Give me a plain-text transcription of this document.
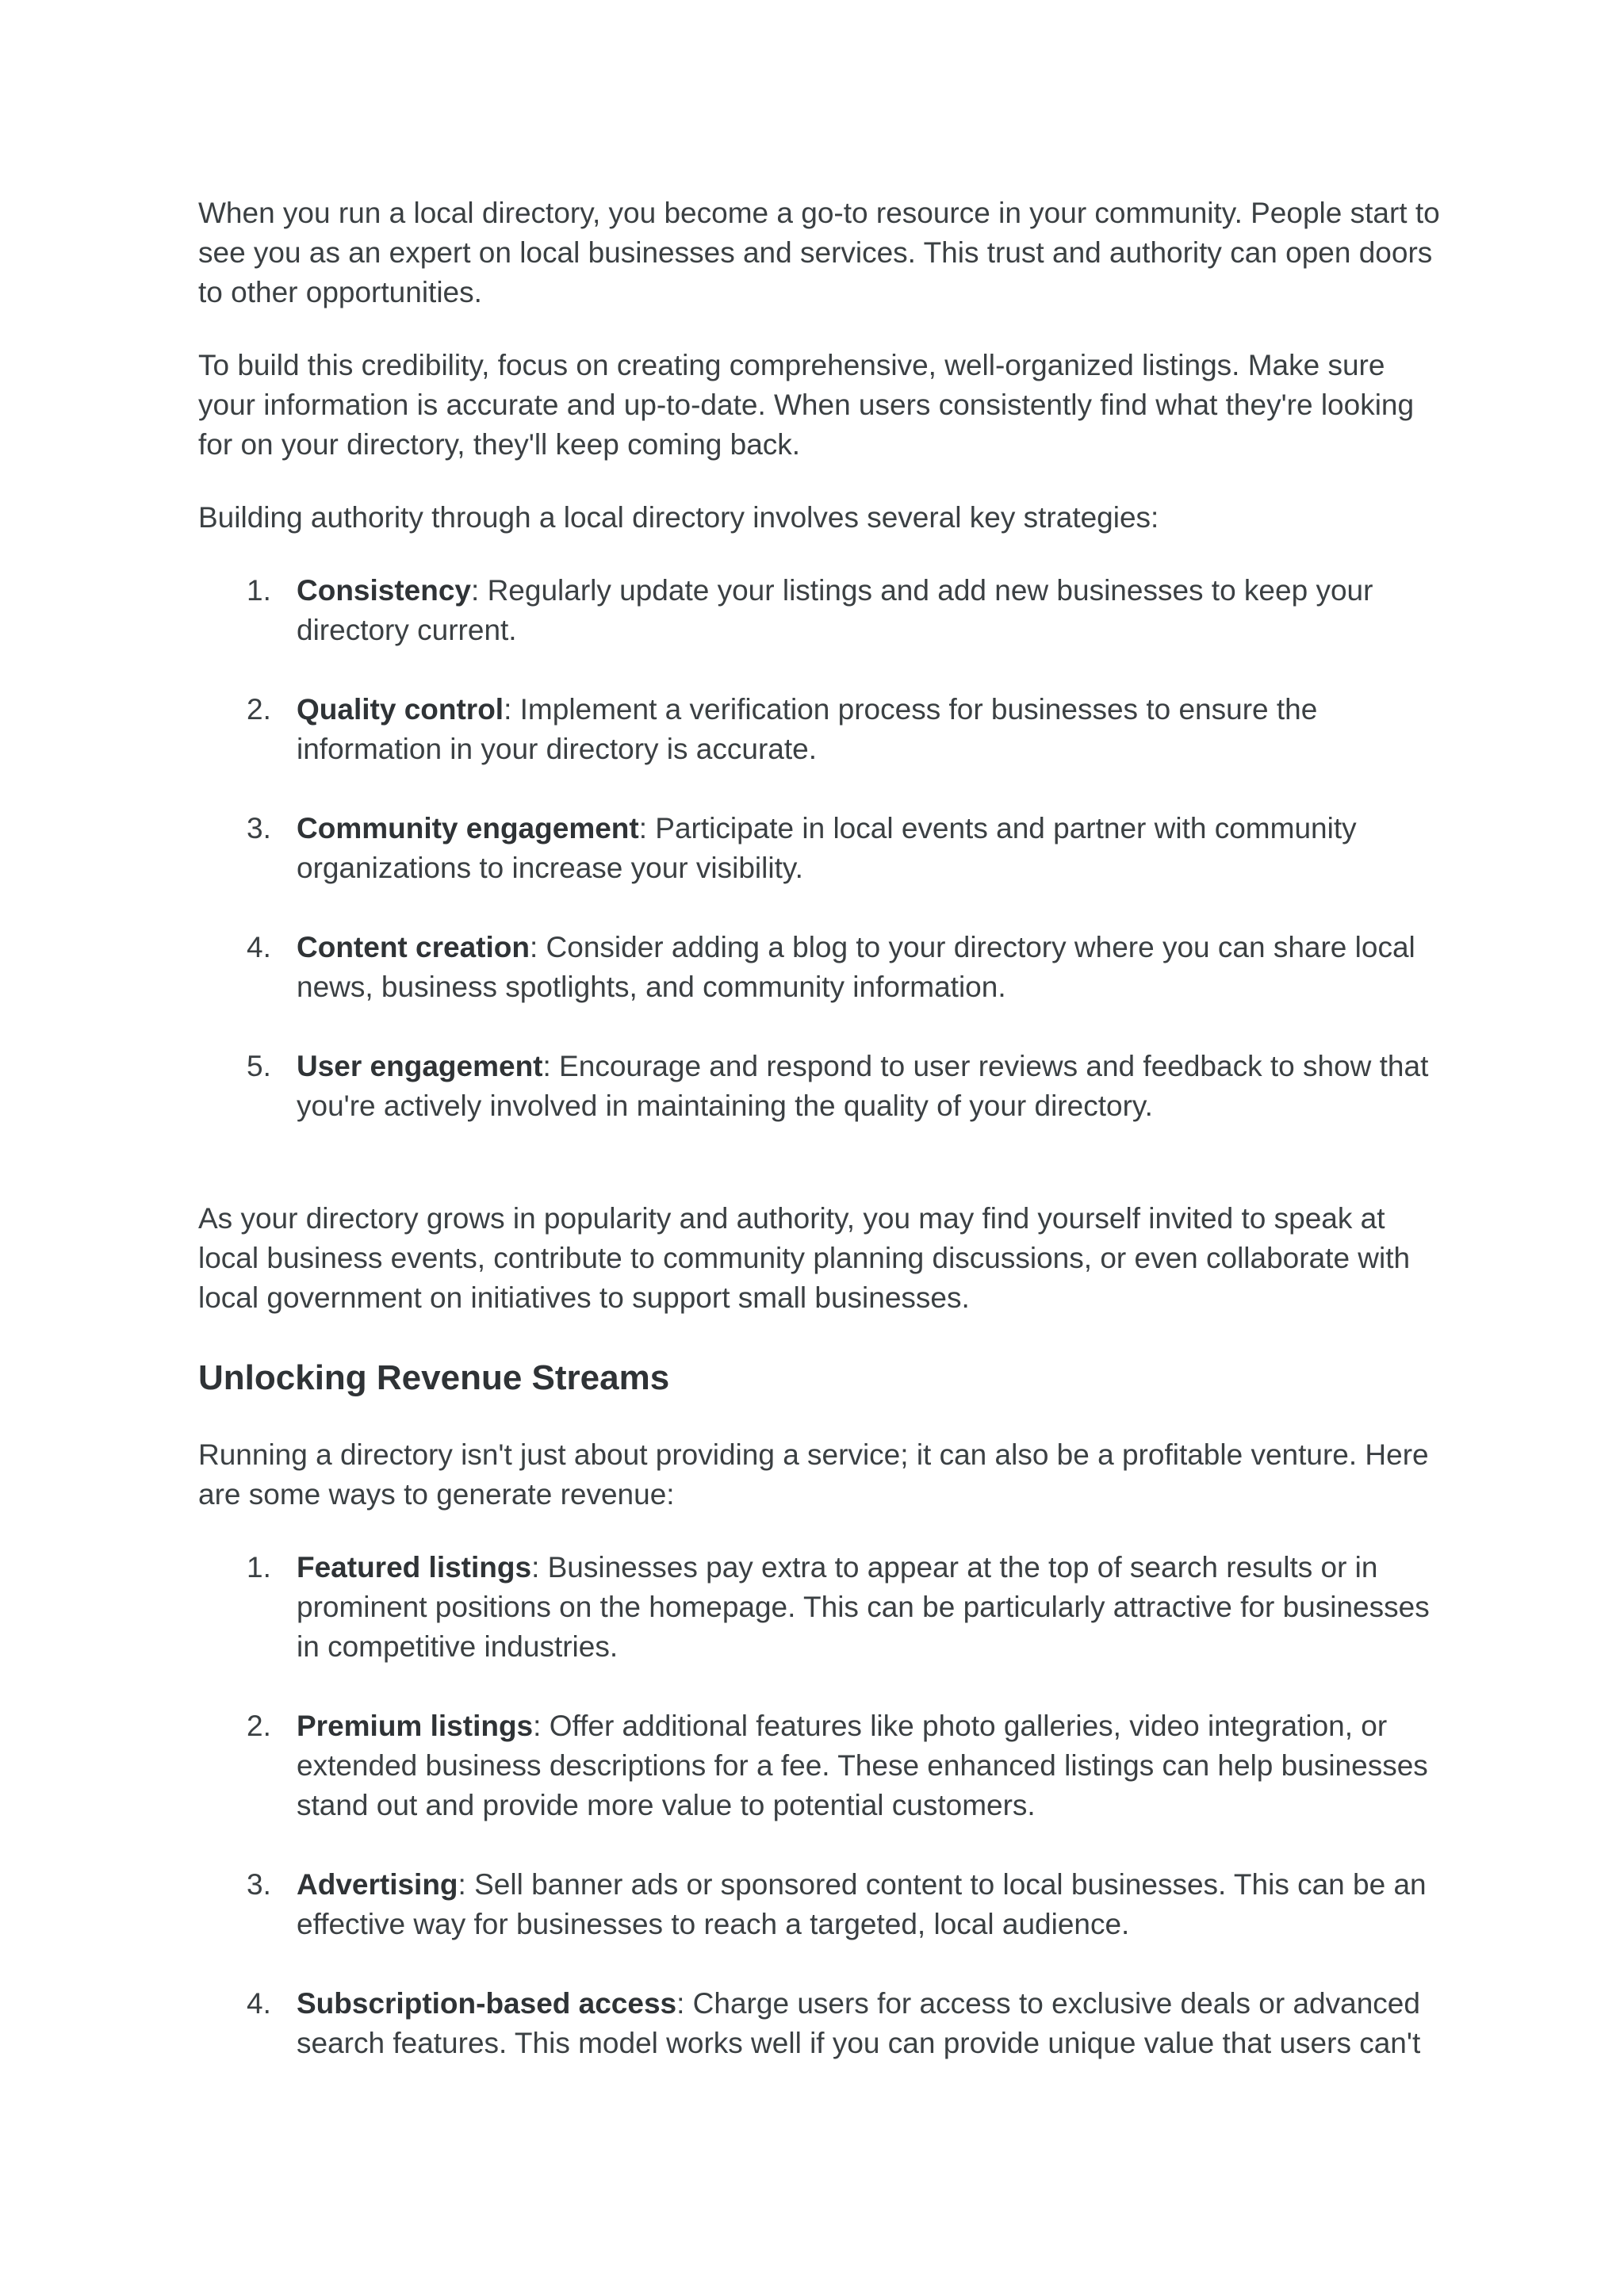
When you run a local directory, you become a go-to resource in your community. People start to see you as an expert on local businesses and services. This trust and authority can open doors to other opportunities.

To build this credibility, focus on creating comprehensive, well-organized listings. Make sure your information is accurate and up-to-date. When users consistently find what they're looking for on your directory, they'll keep coming back.

Building authority through a local directory involves several key strategies:

1. Consistency: Regularly update your listings and add new businesses to keep your directory current.
2. Quality control: Implement a verification process for businesses to ensure the information in your directory is accurate.
3. Community engagement: Participate in local events and partner with community organizations to increase your visibility.
4. Content creation: Consider adding a blog to your directory where you can share local news, business spotlights, and community information.
5. User engagement: Encourage and respond to user reviews and feedback to show that you're actively involved in maintaining the quality of your directory.

As your directory grows in popularity and authority, you may find yourself invited to speak at local business events, contribute to community planning discussions, or even collaborate with local government on initiatives to support small businesses.

Unlocking Revenue Streams

Running a directory isn't just about providing a service; it can also be a profitable venture. Here are some ways to generate revenue:

1. Featured listings: Businesses pay extra to appear at the top of search results or in prominent positions on the homepage. This can be particularly attractive for businesses in competitive industries.
2. Premium listings: Offer additional features like photo galleries, video integration, or extended business descriptions for a fee. These enhanced listings can help businesses stand out and provide more value to potential customers.
3. Advertising: Sell banner ads or sponsored content to local businesses. This can be an effective way for businesses to reach a targeted, local audience.
4. Subscription-based access: Charge users for access to exclusive deals or advanced search features. This model works well if you can provide unique value that users can't
